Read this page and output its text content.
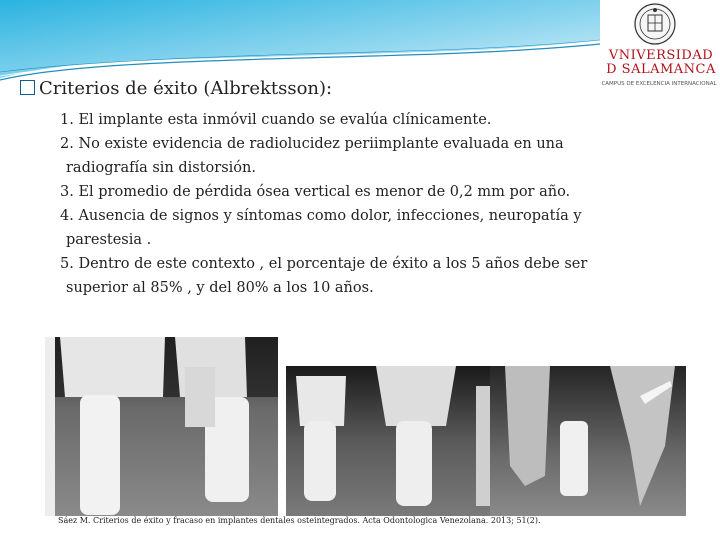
VNIVERSIDAD
D SALAMANCA
CAMPUS DE EXCELENCIA INTERNACIONAL
Criterios de éxito (Albrektsson):

1. El implante esta inmóvil cuando se evalúa clínicamente.

2. No existe evidencia de radiolucidez periimplante evaluada en una
radiografía sin distorsión.

3. El promedio de pérdida ósea vertical es menor de 0,2 mm por año.

4. Ausencia de signos y síntomas como dolor, infecciones, neuropatía y
parestesia .

5. Dentro de este contexto , el porcentaje de éxito a los 5 años debe ser
superior al 85% , y del 80% a los 10 años.

Sáez M. Criterios de éxito y fracaso en implantes dentales osteintegrados. Acta Odontologica Venezolana. 2013; 51(2).
